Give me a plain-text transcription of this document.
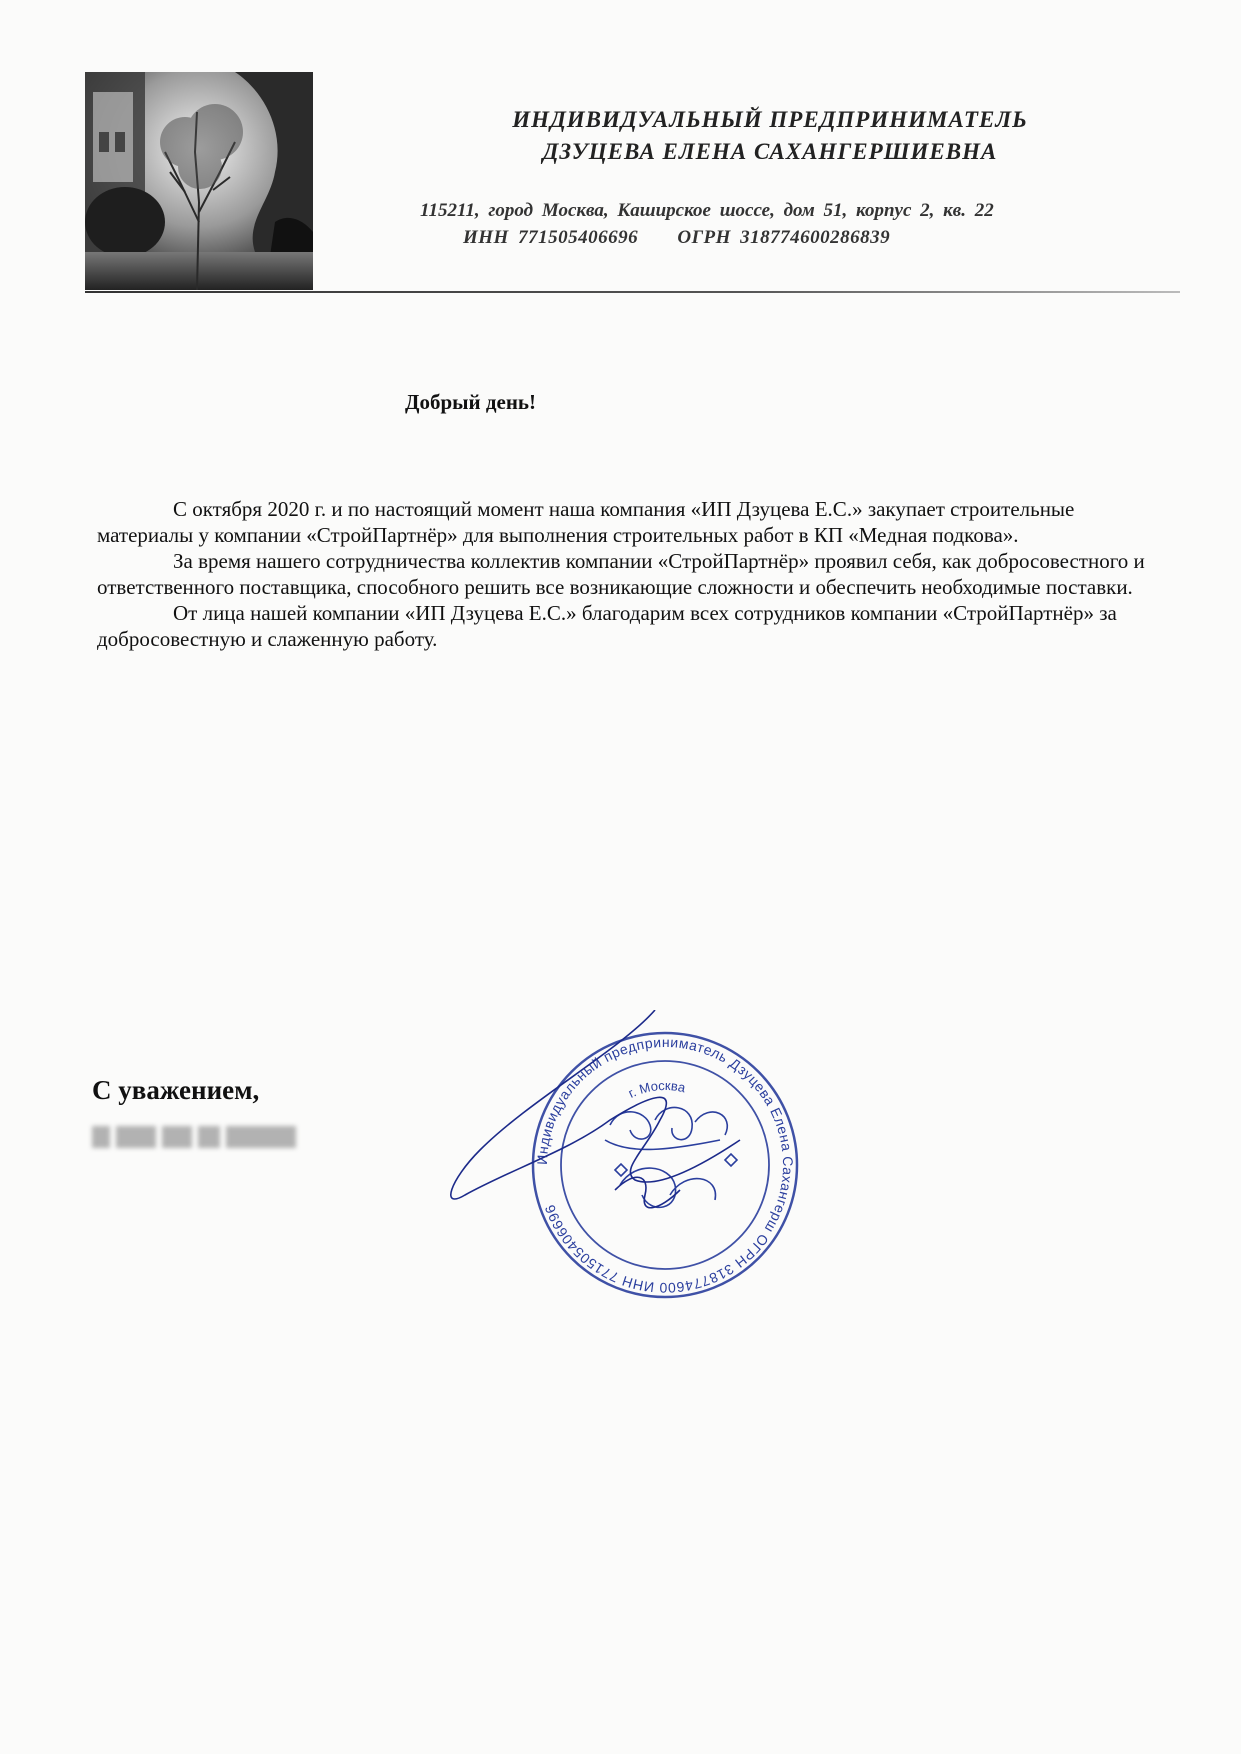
ИНДИВИДУАЛЬНЫЙ ПРЕДПРИНИМАТЕЛЬ
ДЗУЦЕВА ЕЛЕНА САХАНГЕРШИЕВНА
115211, город Москва, Каширское шоссе, дом 51, корпус 2, кв. 22
ИНН 771505406696 ОГРН 318774600286839
Добрый день!

С октября 2020 г. и по настоящий момент наша компания «ИП Дзуцева Е.С.» закупает строительные материалы у компании «СтройПартнёр» для выполнения строительных работ в КП «Медная подкова».

За время нашего сотрудничества коллектив компании «СтройПартнёр» проявил себя, как добросовестного и ответственного поставщика, способного решить все возникающие сложности и обеспечить необходимые поставки.

От лица нашей компании «ИП Дзуцева Е.С.» благодарим всех сотрудников компании «СтройПартнёр» за добросовестную и слаженную работу.

С уважением,
Индивидуальный предприниматель Дзуцева Елена Сахангерш ОГРН 318774600 ИНН 771505406696
г. Москва
